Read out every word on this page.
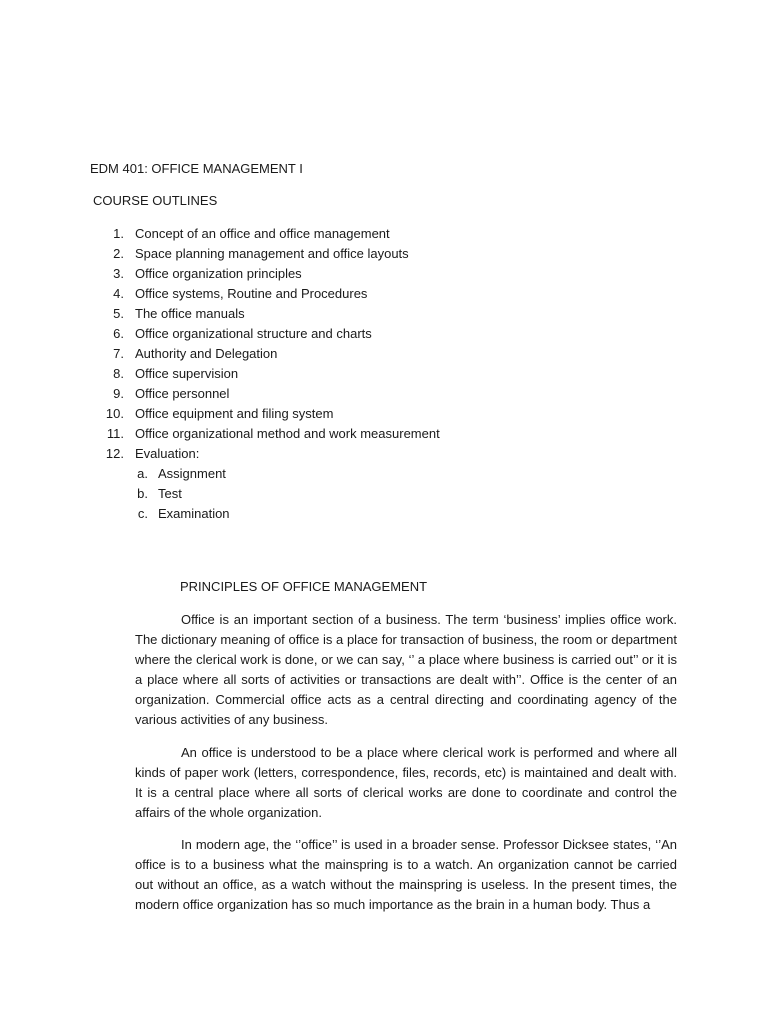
EDM 401: OFFICE MANAGEMENT I
COURSE OUTLINES
1. Concept of an office and office management
2. Space planning management and office layouts
3. Office organization principles
4. Office systems, Routine and Procedures
5. The office manuals
6. Office organizational structure and charts
7. Authority and Delegation
8. Office supervision
9. Office personnel
10. Office equipment and filing system
11. Office organizational method and work measurement
12. Evaluation:
a. Assignment
b. Test
c. Examination
PRINCIPLES OF OFFICE MANAGEMENT

Office is an important section of a business. The term ‘business’ implies office work. The dictionary meaning of office is a place for transaction of business, the room or department where the clerical work is done, or we can say, ‘’ a place where business is carried out’’ or it is a place where all sorts of activities or transactions are dealt with’’. Office is the center of an organization. Commercial office acts as a central directing and coordinating agency of the various activities of any business.

An office is understood to be a place where clerical work is performed and where all kinds of paper work (letters, correspondence, files, records, etc) is maintained and dealt with. It is a central place where all sorts of clerical works are done to coordinate and control the affairs of the whole organization.

In modern age, the ‘’office’’ is used in a broader sense. Professor Dicksee states, ‘’An office is to a business what the mainspring is to a watch. An organization cannot be carried out without an office, as a watch without the mainspring is useless. In the present times, the modern office organization has so much importance as the brain in a human body. Thus a
